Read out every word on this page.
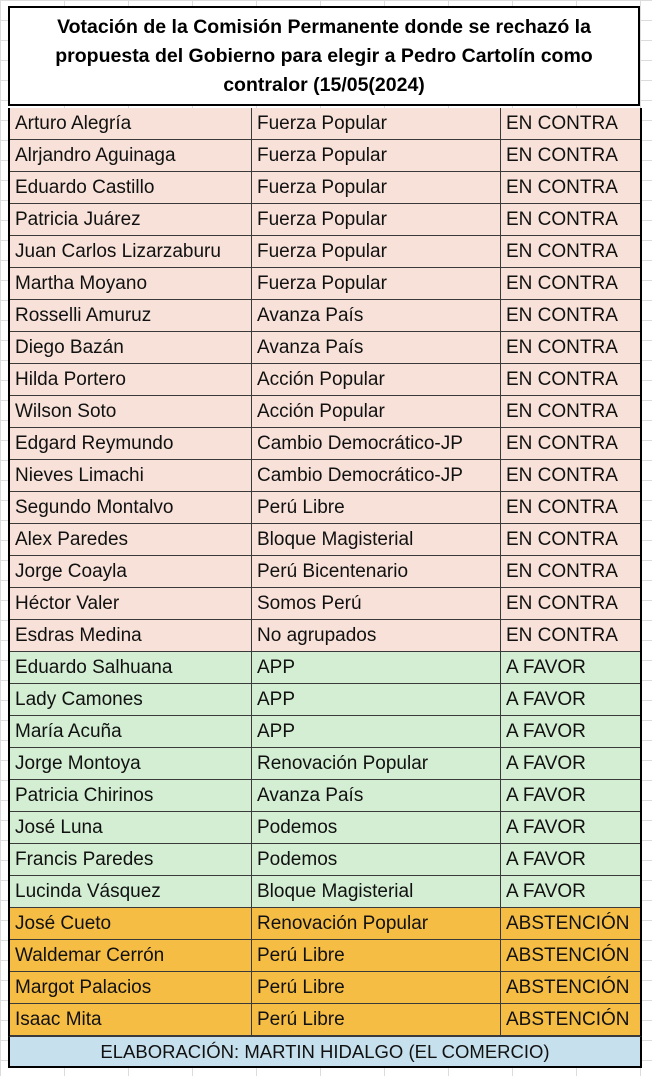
Votación de la Comisión Permanente donde se rechazó la propuesta del Gobierno para elegir a Pedro Cartolín como contralor (15/05(2024)
Arturo Alegría	Fuerza Popular	EN CONTRA
Alrjandro Aguinaga	Fuerza Popular	EN CONTRA
Eduardo Castillo	Fuerza Popular	EN CONTRA
Patricia Juárez	Fuerza Popular	EN CONTRA
Juan Carlos Lizarzaburu	Fuerza Popular	EN CONTRA
Martha Moyano	Fuerza Popular	EN CONTRA
Rosselli Amuruz	Avanza País	EN CONTRA
Diego Bazán	Avanza País	EN CONTRA
Hilda Portero	Acción Popular	EN CONTRA
Wilson Soto	Acción Popular	EN CONTRA
Edgard Reymundo	Cambio Democrático-JP	EN CONTRA
Nieves Limachi	Cambio Democrático-JP	EN CONTRA
Segundo Montalvo	Perú Libre	EN CONTRA
Alex Paredes	Bloque Magisterial	EN CONTRA
Jorge Coayla	Perú Bicentenario	EN CONTRA
Héctor Valer	Somos Perú	EN CONTRA
Esdras Medina	No agrupados	EN CONTRA
Eduardo Salhuana	APP	A FAVOR
Lady Camones	APP	A FAVOR
María Acuña	APP	A FAVOR
Jorge Montoya	Renovación Popular	A FAVOR
Patricia Chirinos	Avanza País	A FAVOR
José Luna	Podemos	A FAVOR
Francis Paredes	Podemos	A FAVOR
Lucinda Vásquez	Bloque Magisterial	A FAVOR
José Cueto	Renovación Popular	ABSTENCIÓN
Waldemar Cerrón	Perú Libre	ABSTENCIÓN
Margot Palacios	Perú Libre	ABSTENCIÓN
Isaac Mita	Perú Libre	ABSTENCIÓN
ELABORACIÓN: MARTIN HIDALGO (EL COMERCIO)
